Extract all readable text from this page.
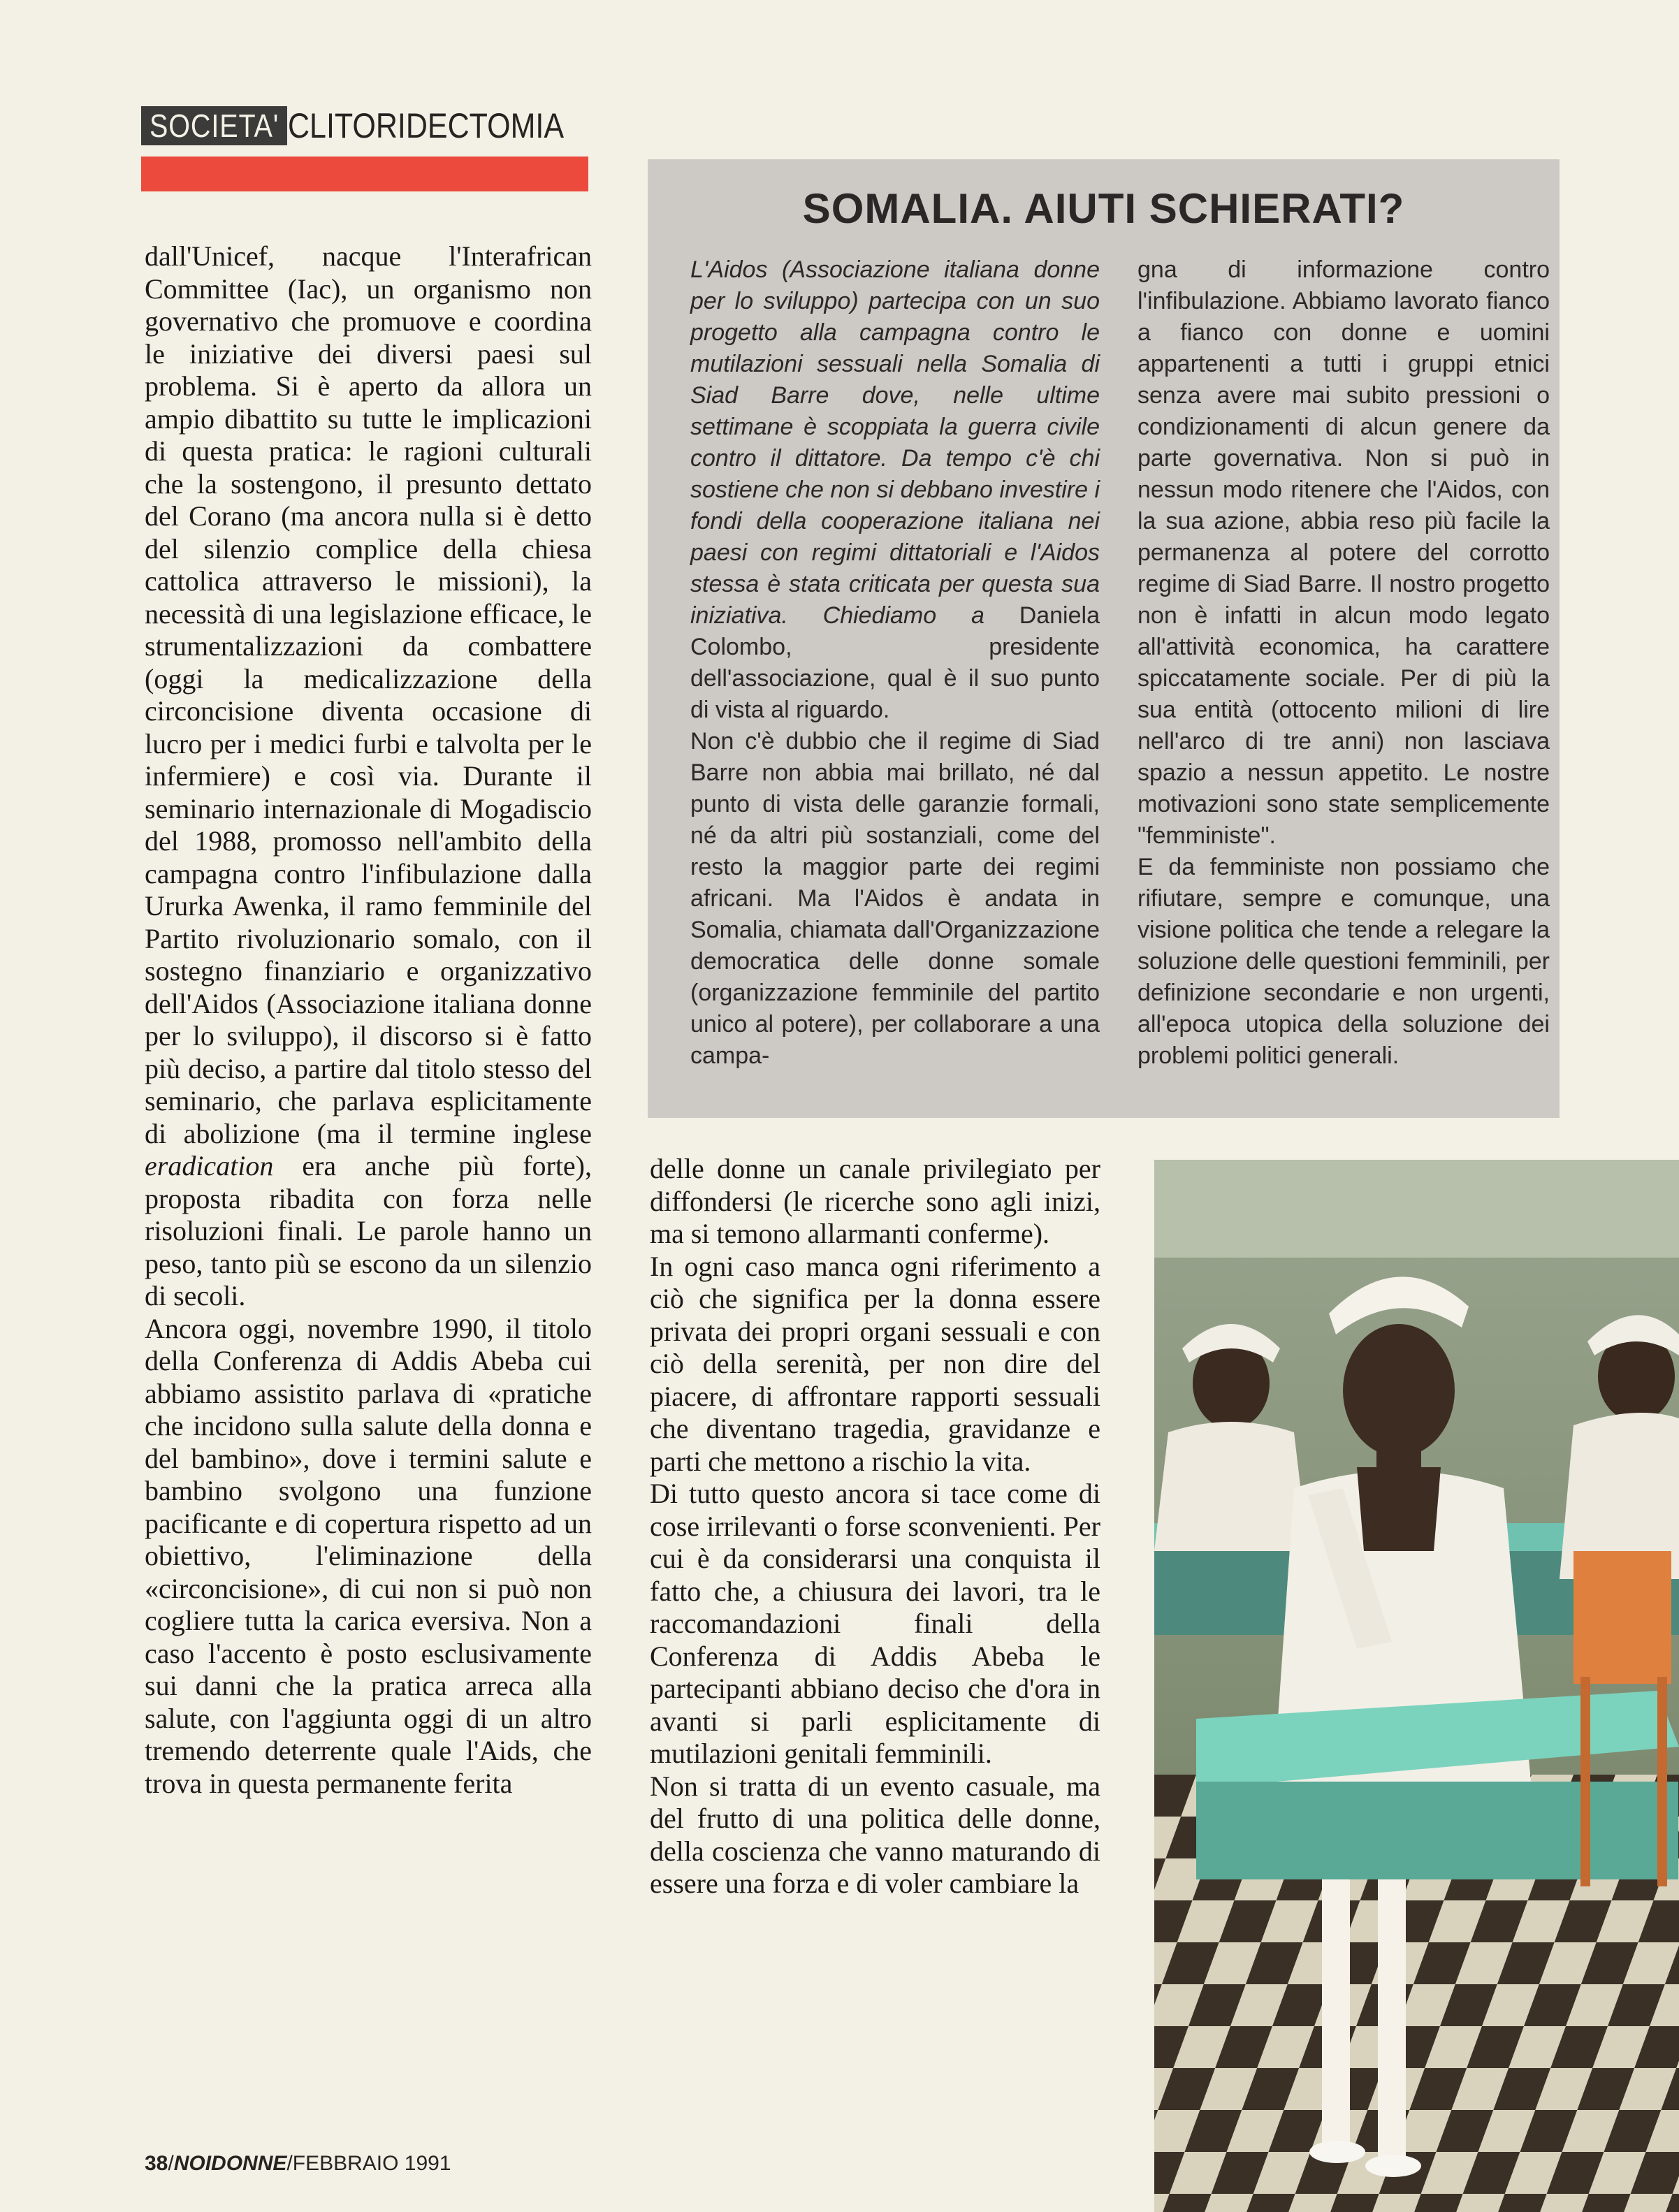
SOCIETA' CLITORIDECTOMIA

dall'Unicef, nacque l'Interafrican Committee (Iac), un organismo non governativo che promuove e coordina le iniziative dei diversi paesi sul problema. Si è aperto da allora un ampio dibattito su tutte le implicazioni di questa pratica: le ragioni culturali che la sostengono, il presunto dettato del Corano (ma ancora nulla si è detto del silenzio complice della chiesa cattolica attraverso le missioni), la necessità di una legislazione efficace, le strumentalizzazioni da combattere (oggi la medicalizzazione della circoncisione diventa occasione di lucro per i medici furbi e talvolta per le infermiere) e così via. Durante il seminario internazionale di Mogadiscio del 1988, promosso nell'ambito della campagna contro l'infibulazione dalla Ururka Awenka, il ramo femminile del Partito rivoluzionario somalo, con il sostegno finanziario e organizzativo dell'Aidos (Associazione italiana donne per lo sviluppo), il discorso si è fatto più deciso, a partire dal titolo stesso del seminario, che parlava esplicitamente di abolizione (ma il termine inglese eradication era anche più forte), proposta ribadita con forza nelle risoluzioni finali. Le parole hanno un peso, tanto più se escono da un silenzio di secoli.

Ancora oggi, novembre 1990, il titolo della Conferenza di Addis Abeba cui abbiamo assistito parlava di «pratiche che incidono sulla salute della donna e del bambino», dove i termini salute e bambino svolgono una funzione pacificante e di copertura rispetto ad un obiettivo, l'eliminazione della «circoncisione», di cui non si può non cogliere tutta la carica eversiva. Non a caso l'accento è posto esclusivamente sui danni che la pratica arreca alla salute, con l'aggiunta oggi di un altro tremendo deterrente quale l'Aids, che trova in questa permanente ferita

SOMALIA. AIUTI SCHIERATI?

L'Aidos (Associazione italiana donne per lo sviluppo) partecipa con un suo progetto alla campagna contro le mutilazioni sessuali nella Somalia di Siad Barre dove, nelle ultime settimane è scoppiata la guerra civile contro il dittatore. Da tempo c'è chi sostiene che non si debbano investire i fondi della cooperazione italiana nei paesi con regimi dittatoriali e l'Aidos stessa è stata criticata per questa sua iniziativa. Chiediamo a Daniela Colombo,	presidente dell'associazione, qual è il suo punto di vista al riguardo.

Non c'è dubbio che il regime di Siad Barre non abbia mai brillato, né dal punto di vista delle garanzie formali, né da altri più sostanziali, come del resto la maggior parte dei regimi africani. Ma l'Aidos è andata in Somalia, chiamata dall'Organizzazione democratica delle donne somale (organizzazione femminile del partito unico al potere), per collaborare a una campa-

gna di informazione contro l'infibulazione. Abbiamo lavorato fianco a fianco con donne e uomini appartenenti a tutti i gruppi etnici senza avere mai subito pressioni o condizionamenti di alcun genere da parte governativa. Non si può in nessun modo ritenere che l'Aidos, con la sua azione, abbia reso più facile la permanenza al potere del corrotto regime di Siad Barre. Il nostro progetto non è infatti in alcun modo legato all'attività economica, ha carattere spiccatamente sociale. Per di più la sua entità (ottocento milioni di lire nell'arco di tre anni) non lasciava spazio a nessun appetito. Le nostre motivazioni sono state semplicemente "femministe".

E da femministe non possiamo che rifiutare, sempre e comunque, una visione politica che tende a relegare la soluzione delle questioni femminili, per definizione secondarie e non urgenti, all'epoca utopica della soluzione dei problemi politici generali.

delle donne un canale privilegiato per diffondersi (le ricerche sono agli inizi, ma si temono allarmanti conferme).

In ogni caso manca ogni riferimento a ciò che significa per la donna essere privata dei propri organi sessuali e con ciò della serenità, per non dire del piacere, di affrontare rapporti sessuali che diventano tragedia, gravidanze e parti che mettono a rischio la vita.

Di tutto questo ancora si tace come di cose irrilevanti o forse sconvenienti. Per cui è da considerarsi una conquista il fatto che, a chiusura dei lavori, tra le raccomandazioni finali della Conferenza di Addis Abeba le partecipanti abbiano deciso che d'ora in avanti si parli esplicitamente di mutilazioni genitali femminili.

Non si tratta di un evento casuale, ma del frutto di una politica delle donne, della coscienza che vanno maturando di essere una forza e di voler cambiare la

38/NOIDONNE/FEBBRAIO 1991
